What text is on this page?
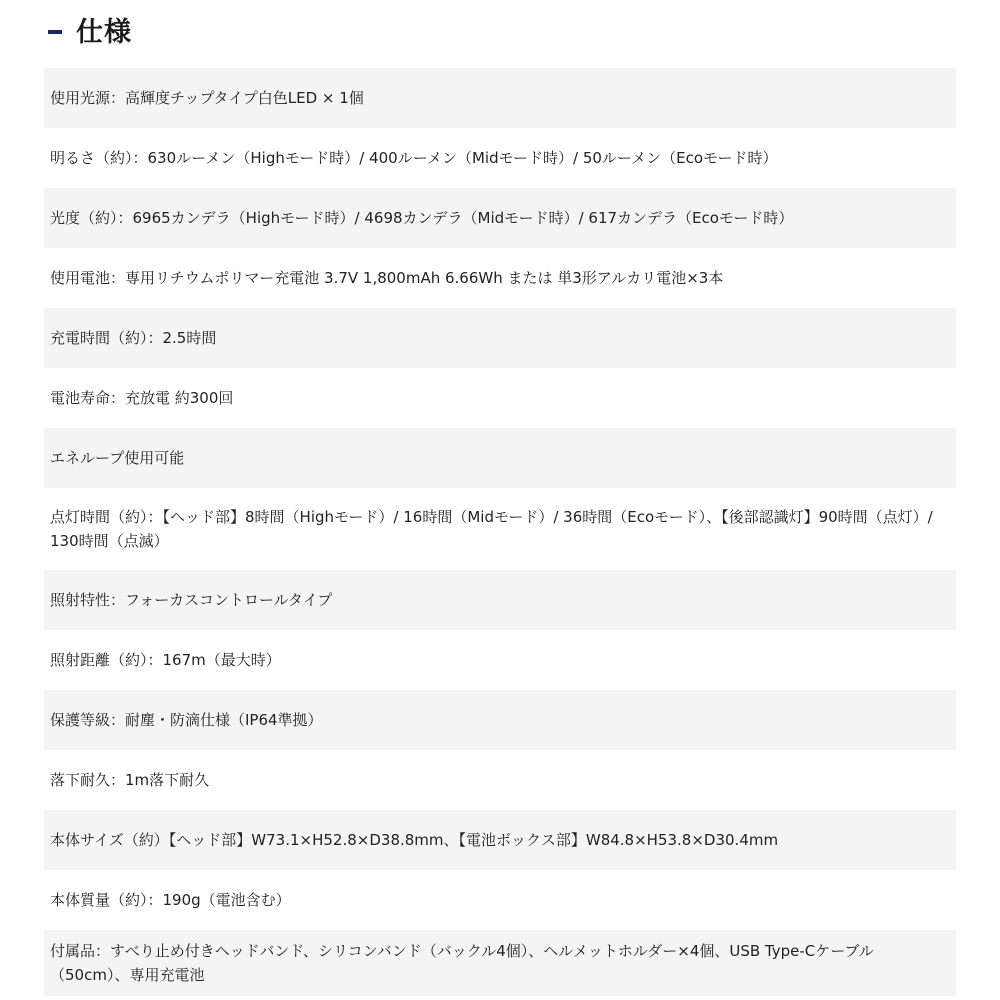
仕様
使用光源：高輝度チップタイプ白色LED × 1個
明るさ（約）：630ルーメン（Highモード時）/ 400ルーメン（Midモード時）/ 50ルーメン（Ecoモード時）
光度（約）：6965カンデラ（Highモード時）/ 4698カンデラ（Midモード時）/ 617カンデラ（Ecoモード時）
使用電池：専用リチウムポリマー充電池 3.7V 1,800mAh 6.66Wh または 単3形アルカリ電池×3本
充電時間（約）：2.5時間
電池寿命：充放電 約300回
エネループ使用可能
点灯時間（約）：【ヘッド部】8時間（Highモード）/ 16時間（Midモード）/ 36時間（Ecoモード）、【後部認識灯】90時間（点灯）/ 130時間（点滅）
照射特性：フォーカスコントロールタイプ
照射距離（約）：167m（最大時）
保護等級：耐塵・防滴仕様（IP64準拠）
落下耐久：1m落下耐久
本体サイズ（約）【ヘッド部】W73.1×H52.8×D38.8mm、【電池ボックス部】W84.8×H53.8×D30.4mm
本体質量（約）：190g（電池含む）
付属品：すべり止め付きヘッドバンド、シリコンバンド（バックル4個）、ヘルメットホルダー×4個、USB Type-Cケーブル（50cm）、専用充電池
